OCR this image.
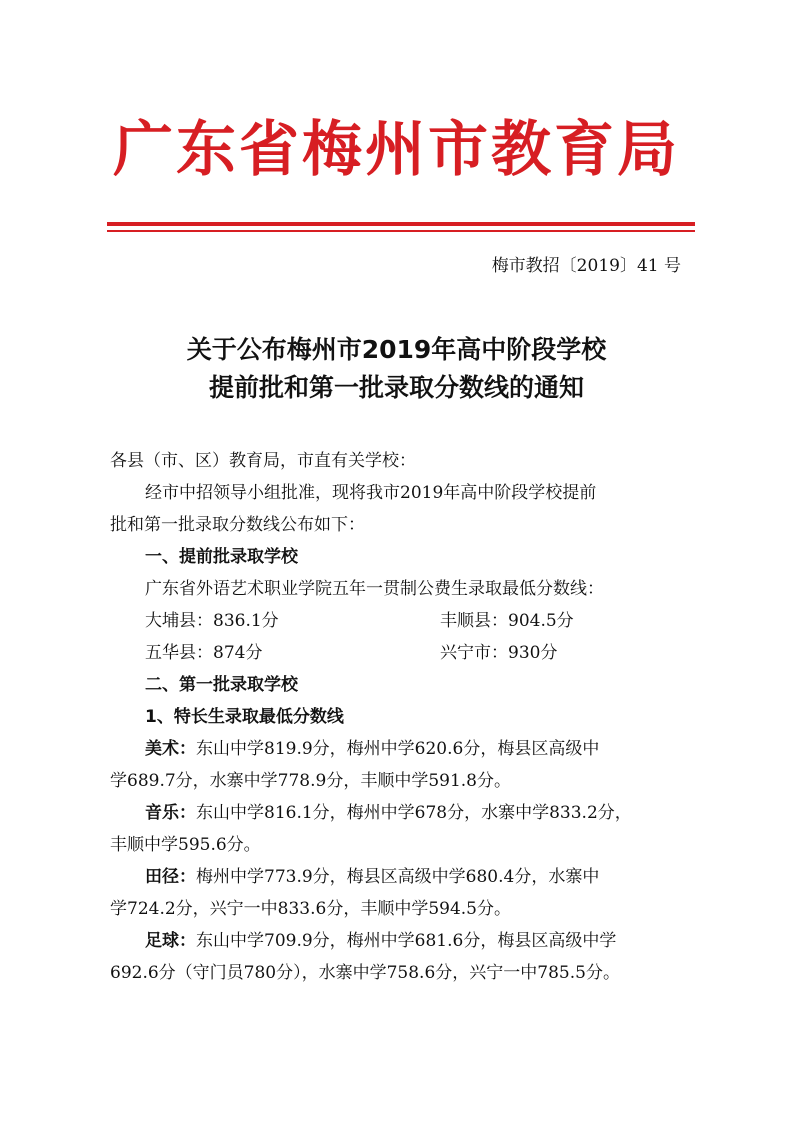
广东省梅州市教育局
梅市教招〔2019〕41 号
关于公布梅州市2019年高中阶段学校
提前批和第一批录取分数线的通知
各县（市、区）教育局，市直有关学校：
经市中招领导小组批准，现将我市2019年高中阶段学校提前
批和第一批录取分数线公布如下：
一、提前批录取学校
广东省外语艺术职业学院五年一贯制公费生录取最低分数线：
大埔县：836.1分	丰顺县：904.5分
五华县：874分	兴宁市：930分
二、第一批录取学校
1、特长生录取最低分数线
美术：东山中学819.9分，梅州中学620.6分，梅县区高级中
学689.7分，水寨中学778.9分，丰顺中学591.8分。
音乐：东山中学816.1分，梅州中学678分，水寨中学833.2分，
丰顺中学595.6分。
田径：梅州中学773.9分，梅县区高级中学680.4分，水寨中
学724.2分，兴宁一中833.6分，丰顺中学594.5分。
足球：东山中学709.9分，梅州中学681.6分，梅县区高级中学
692.6分（守门员780分），水寨中学758.6分，兴宁一中785.5分。
